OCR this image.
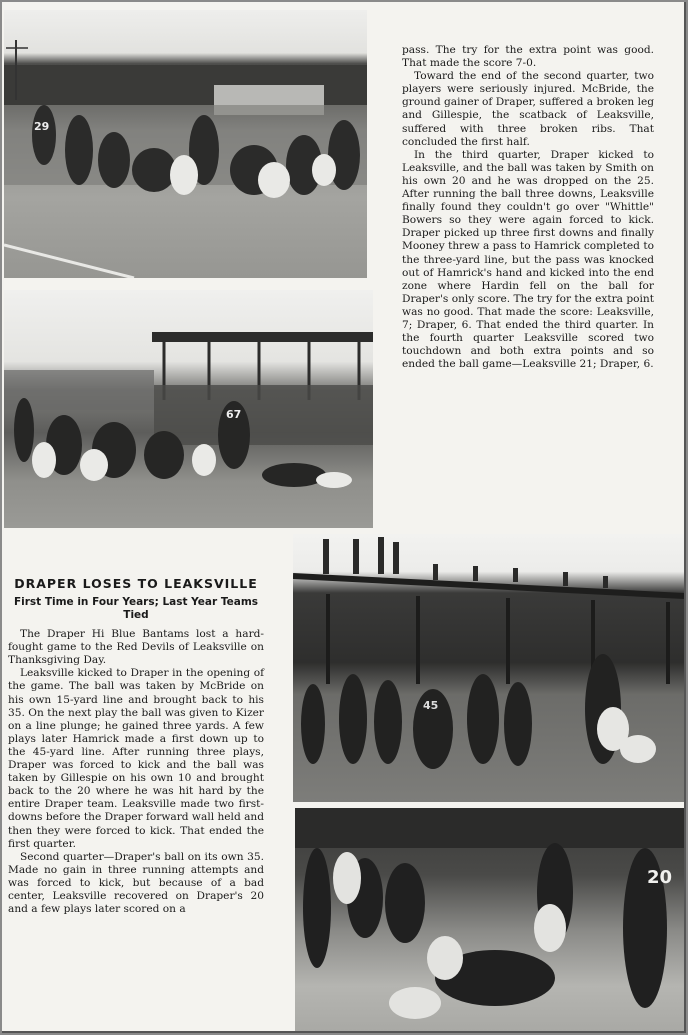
29
67
45
20

pass. The try for the extra point was good. That made the score 7-0.

Toward the end of the second quarter, two players were seriously injured. McBride, the ground gainer of Draper, suffered a broken leg and Gillespie, the scatback of Leaksville, suffered with three broken ribs. That concluded the first half.

In the third quarter, Draper kicked to Leaksville, and the ball was taken by Smith on his own 20 and he was dropped on the 25. After running the ball three downs, Leaksville finally found they couldn't go over "Whittle" Bowers so they were again forced to kick. Draper picked up three first downs and finally Mooney threw a pass to Hamrick completed to the three-yard line, but the pass was knocked out of Hamrick's hand and kicked into the end zone where Hardin fell on the ball for Draper's only score. The try for the extra point was no good. That made the score: Leaksville, 7; Draper, 6. That ended the third quarter. In the fourth quarter Leaksville scored two touchdown and both extra points and so ended the ball game—Leaksville 21; Draper, 6.

DRAPER LOSES TO LEAKSVILLE
First Time in Four Years; Last Year Teams Tied

The Draper Hi Blue Bantams lost a hard-fought game to the Red Devils of Leaksville on Thanksgiving Day.

Leaksville kicked to Draper in the opening of the game. The ball was taken by McBride on his own 15-yard line and brought back to his 35. On the next play the ball was given to Kizer on a line plunge; he gained three yards. A few plays later Hamrick made a first down up to the 45-yard line. After running three plays, Draper was forced to kick and the ball was taken by Gillespie on his own 10 and brought back to the 20 where he was hit hard by the entire Draper team. Leaksville made two first-downs before the Draper forward wall held and then they were forced to kick. That ended the first quarter.

Second quarter—Draper's ball on its own 35. Made no gain in three running attempts and was forced to kick, but because of a bad center, Leaksville recovered on Draper's 20 and a few plays later scored on a
